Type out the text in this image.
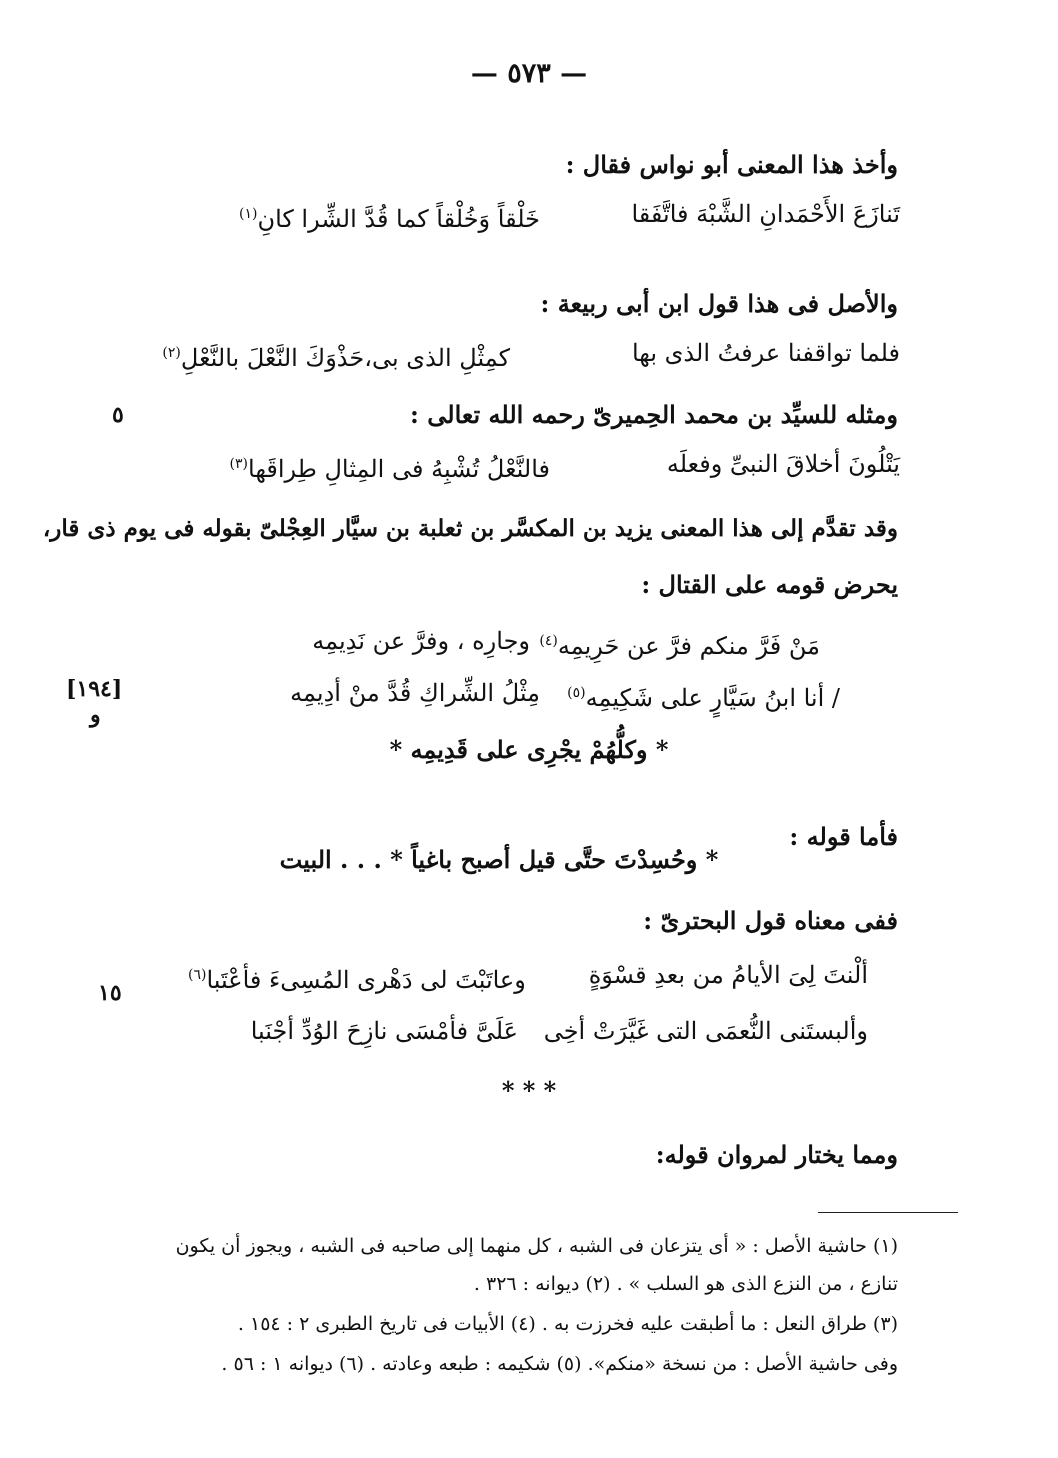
— ٥٧٣ —
وأخذ هذا المعنى أبو نواس فقال :
تَنازَعَ الأَحْمَدانِ الشَّبْهَ فاتَّفَقا
خَلْقاً وَخُلْقاً كما قُدَّ الشِّرا كانِ$^{(١)}$
والأصل فى هذا قول ابن أبى ربيعة :
فلما تواقفنا عرفتُ الذى بها
كمِثْلِ الذى بى،حَذْوَكَ النَّعْلَ بالنَّعْلِ$^{(٢)}$
٥	ومثله للسيِّد بن محمد الحِميرىّ رحمه الله تعالى :
يَتْلُونَ أخلاقَ النبىِّ وفعلَه
فالنَّعْلُ تُشْبِهُ فى المِثالِ طِراقَها$^{(٣)}$
وقد تقدَّم إلى هذا المعنى يزيد بن المكسَّر بن ثعلبة بن سيَّار العِجْلىّ بقوله فى يوم ذى قار،
يحرض قومه على القتال :
مَنْ فَرَّ منكم فرَّ عن حَرِيمِه$^{(٤)}$
وجارِه ، وفرَّ عن نَدِيمِه
[١٩٤]
و
/ أنا ابنُ سَيَّارٍ على شَكِيمِه$^{(٥)}$
مِثْلُ الشِّراكِ قُدَّ منْ أدِيمِه
* وكلُّهُمْ يجْرِى على قَدِيمِه *
فأما قوله :
* وحُسِدْتَ حتَّى قيل أصبح باغياً * . . . البيت
ففى معناه قول البحترىّ :
١٥
ألْنتَ لِىَ الأيامُ من بعدِ قسْوَةٍ
وعاتَبْتَ لى دَهْرى المُسِىءَ فأعْتَبا$^{(٦)}$
وألبستَنى النُّعمَى التى غَيَّرَتْ أخِى
عَلَىَّ فأمْسَى نازِحَ الوُدِّ أجْنَبا
* * *
ومما يختار لمروان قوله:
(١) حاشية الأصل : « أى يتزعان فى الشبه ، كل منهما إلى صاحبه فى الشبه ، ويجوز أن يكون
تنازع ، من النزع الذى هو السلب » . (٢) ديوانه : ٣٢٦ .
(٣) طراق النعل : ما أطبقت عليه فخرزت به . (٤) الأبيات فى تاريخ الطبرى ٢ : ١٥٤ .
وفى حاشية الأصل : من نسخة «منكم». (٥) شكيمه : طبعه وعادته . (٦) ديوانه ١ : ٥٦ .
